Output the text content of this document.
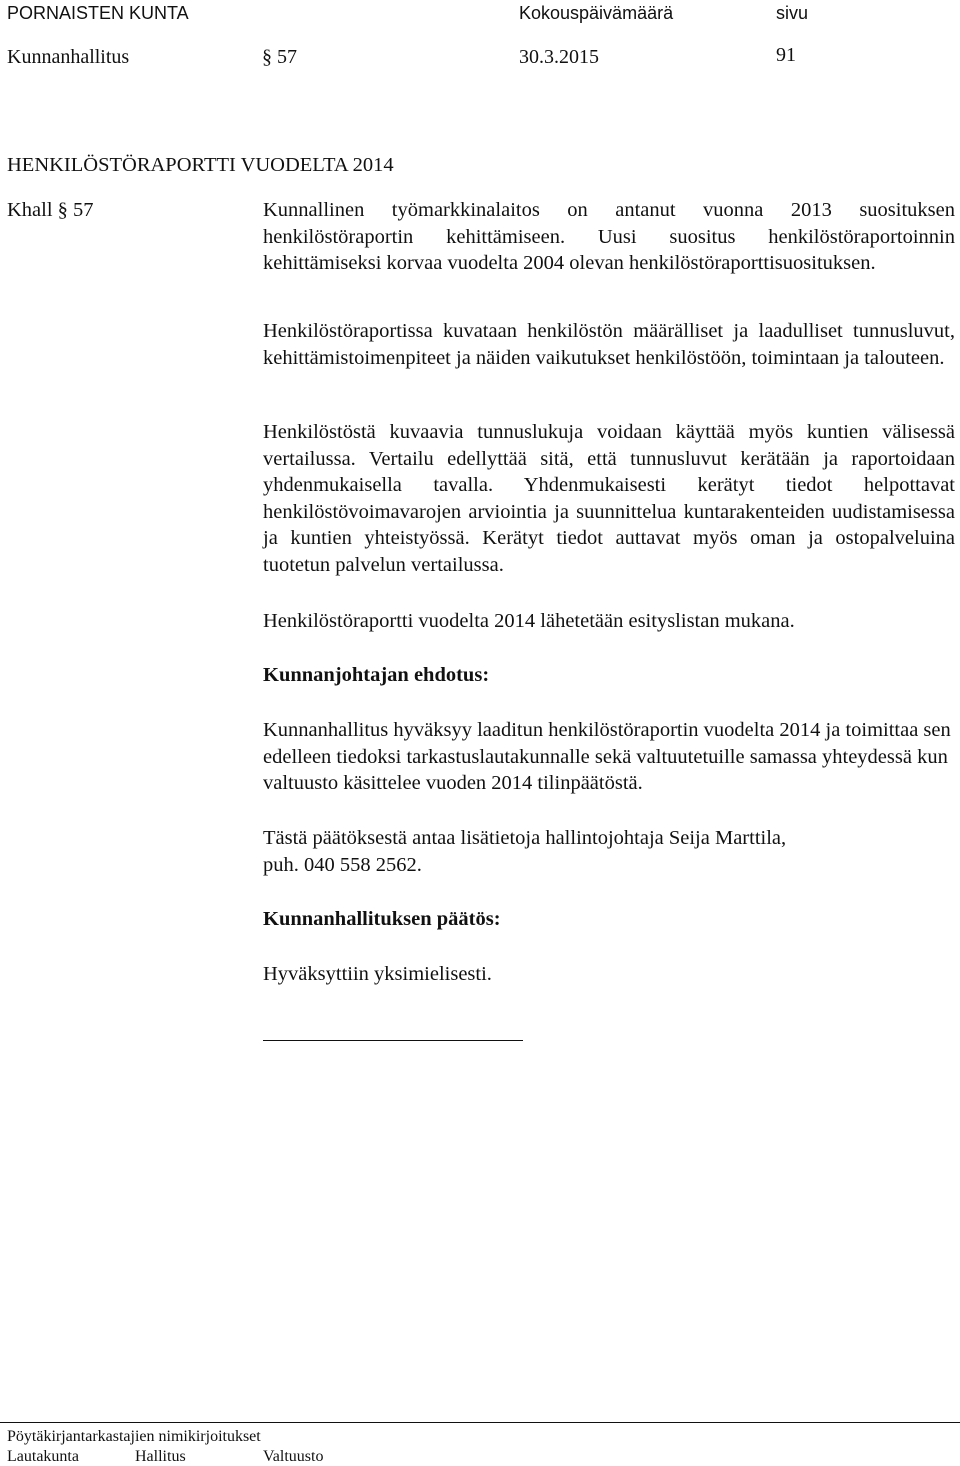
PORNAISTEN KUNTA	Kokouspäivämäärä	sivu
Kunnanhallitus	§ 57	30.3.2015	91
HENKILÖSTÖRAPORTTI VUODELTA 2014
Khall § 57	Kunnallinen työmarkkinalaitos on antanut vuonna 2013 suosituksen henkilöstöraportin kehittämiseen. Uusi suositus henkilöstöraportoinnin kehittämiseksi korvaa vuodelta 2004 olevan henkilöstöraporttisuosituksen.

Henkilöstöraportissa kuvataan henkilöstön määrälliset ja laadulliset tunnusluvut, kehittämistoimenpiteet ja näiden vaikutukset henkilöstöön, toimintaan ja talouteen.

Henkilöstöstä kuvaavia tunnuslukuja voidaan käyttää myös kuntien välisessä vertailussa. Vertailu edellyttää sitä, että tunnusluvut kerätään ja raportoidaan yhdenmukaisella tavalla. Yhdenmukaisesti kerätyt tiedot helpottavat henkilöstövoimavarojen arviointia ja suunnittelua kuntarakenteiden uudistamisessa ja kuntien yhteistyössä. Kerätyt tiedot auttavat myös oman ja ostopalveluina tuotetun palvelun vertailussa.

Henkilöstöraportti vuodelta 2014 lähetetään esityslistan mukana.
Kunnanjohtajan ehdotus:

Kunnanhallitus hyväksyy laaditun henkilöstöraportin vuodelta 2014 ja toimittaa sen edelleen tiedoksi tarkastuslautakunnalle sekä valtuutetuille samassa yhteydessä kun valtuusto käsittelee vuoden 2014 tilinpäätöstä.

Tästä päätöksestä antaa lisätietoja hallintojohtaja Seija Marttila,
puh. 040 558 2562.
Kunnanhallituksen päätös:
Hyväksyttiin yksimielisesti.
Pöytäkirjantarkastajien nimikirjoitukset
Lautakunta	Hallitus	Valtuusto
